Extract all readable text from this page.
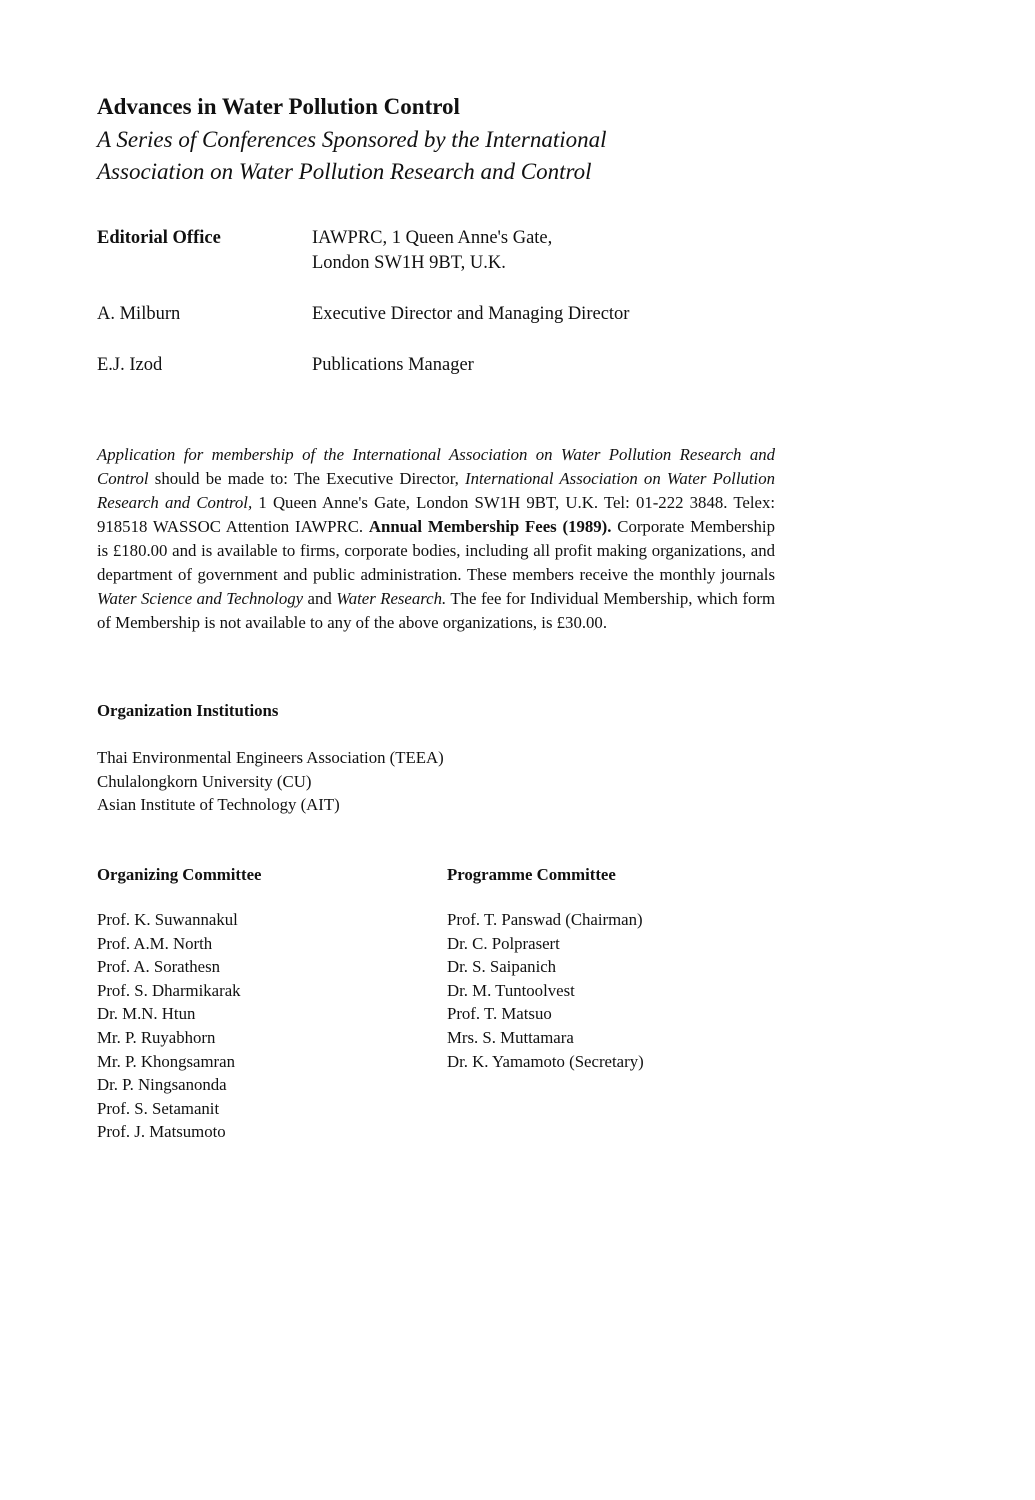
Advances in Water Pollution Control
A Series of Conferences Sponsored by the International
Association on Water Pollution Research and Control
Editorial Office	IAWPRC, 1 Queen Anne's Gate,
London SW1H 9BT, U.K.
A. Milburn	Executive Director and Managing Director
E.J. Izod	Publications Manager

Application for membership of the International Association on Water Pollution Research and Control should be made to: The Executive Director, International Association on Water Pollution Research and Control, 1 Queen Anne's Gate, London SW1H 9BT, U.K. Tel: 01-222 3848. Telex: 918518 WASSOC Attention IAWPRC. Annual Membership Fees (1989). Corporate Membership is £180.00 and is available to firms, corporate bodies, including all profit making organizations, and department of government and public administration. These members receive the monthly journals Water Science and Technology and Water Research. The fee for Individual Membership, which form of Membership is not available to any of the above organizations, is £30.00.

Organization Institutions
Thai Environmental Engineers Association (TEEA)
Chulalongkorn University (CU)
Asian Institute of Technology (AIT)
Organizing Committee
Prof. K. Suwannakul
Prof. A.M. North
Prof. A. Sorathesn
Prof. S. Dharmikarak
Dr. M.N. Htun
Mr. P. Ruyabhorn
Mr. P. Khongsamran
Dr. P. Ningsanonda
Prof. S. Setamanit
Prof. J. Matsumoto
Programme Committee
Prof. T. Panswad (Chairman)
Dr. C. Polprasert
Dr. S. Saipanich
Dr. M. Tuntoolvest
Prof. T. Matsuo
Mrs. S. Muttamara
Dr. K. Yamamoto (Secretary)
